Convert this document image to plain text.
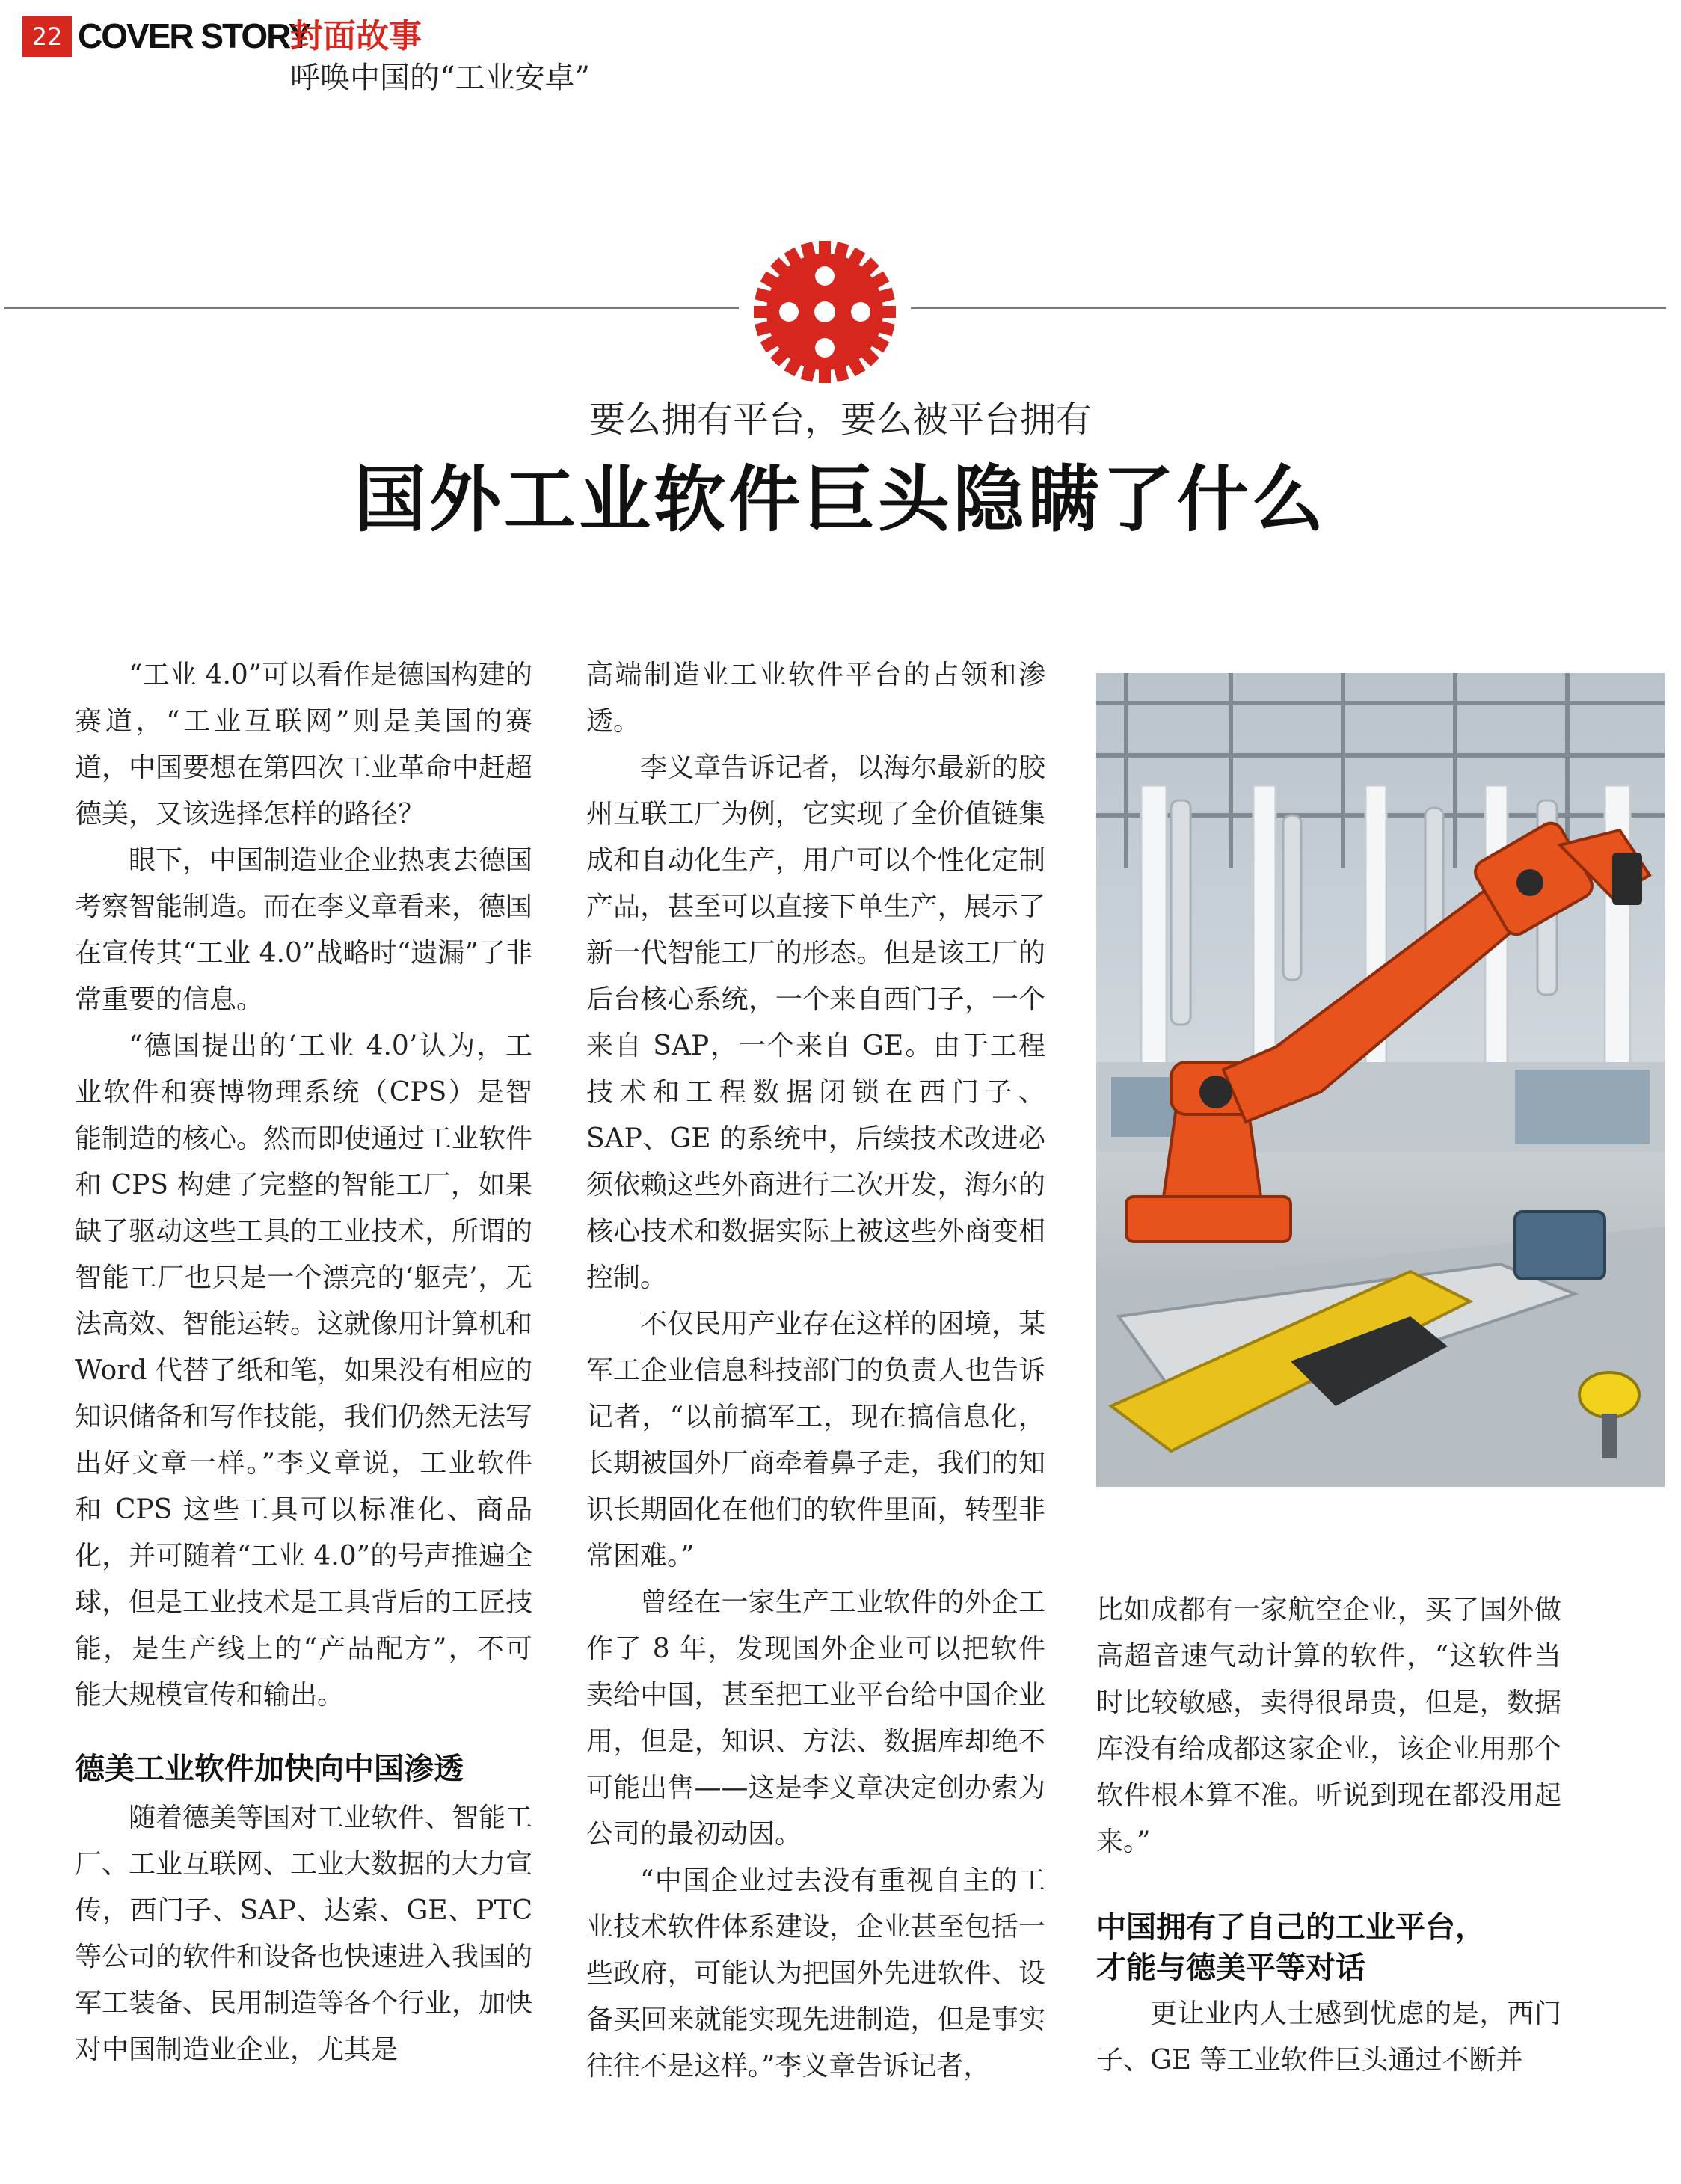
22 COVER STORY
封面故事
呼唤中国的“工业安卓”
要么拥有平台，要么被平台拥有
国外工业软件巨头隐瞒了什么

“工业 4.0”可以看作是德国构建的赛道，“工业互联网”则是美国的赛道，中国要想在第四次工业革命中赶超德美，又该选择怎样的路径？

眼下，中国制造业企业热衷去德国考察智能制造。而在李义章看来，德国在宣传其“工业 4.0”战略时“遗漏”了非常重要的信息。

“德国提出的‘工业 4.0’认为，工业软件和赛博物理系统（CPS）是智能制造的核心。然而即使通过工业软件和 CPS 构建了完整的智能工厂，如果缺了驱动这些工具的工业技术，所谓的智能工厂也只是一个漂亮的‘躯壳’，无法高效、智能运转。这就像用计算机和 Word 代替了纸和笔，如果没有相应的知识储备和写作技能，我们仍然无法写出好文章一样。”李义章说，工业软件和 CPS 这些工具可以标准化、商品化，并可随着“工业 4.0”的号声推遍全球，但是工业技术是工具背后的工匠技能，是生产线上的“产品配方”，不可能大规模宣传和输出。

德美工业软件加快向中国渗透

随着德美等国对工业软件、智能工厂、工业互联网、工业大数据的大力宣传，西门子、SAP、达索、GE、PTC 等公司的软件和设备也快速进入我国的军工装备、民用制造等各个行业，加快对中国制造业企业，尤其是

高端制造业工业软件平台的占领和渗透。

李义章告诉记者，以海尔最新的胶州互联工厂为例，它实现了全价值链集成和自动化生产，用户可以个性化定制产品，甚至可以直接下单生产，展示了新一代智能工厂的形态。但是该工厂的后台核心系统，一个来自西门子，一个来自 SAP，一个来自 GE。由于工程技术和工程数据闭锁在西门子、SAP、GE 的系统中，后续技术改进必须依赖这些外商进行二次开发，海尔的核心技术和数据实际上被这些外商变相控制。

不仅民用产业存在这样的困境，某军工企业信息科技部门的负责人也告诉记者，“以前搞军工，现在搞信息化，长期被国外厂商牵着鼻子走，我们的知识长期固化在他们的软件里面，转型非常困难。”

曾经在一家生产工业软件的外企工作了 8 年，发现国外企业可以把软件卖给中国，甚至把工业平台给中国企业用，但是，知识、方法、数据库却绝不可能出售——这是李义章决定创办索为公司的最初动因。

“中国企业过去没有重视自主的工业技术软件体系建设，企业甚至包括一些政府，可能认为把国外先进软件、设备买回来就能实现先进制造，但是事实往往不是这样。”李义章告诉记者，

比如成都有一家航空企业，买了国外做高超音速气动计算的软件，“这软件当时比较敏感，卖得很昂贵，但是，数据库没有给成都这家企业，该企业用那个软件根本算不准。听说到现在都没用起来。”

中国拥有了自己的工业平台，
才能与德美平等对话

更让业内人士感到忧虑的是，西门子、GE 等工业软件巨头通过不断并
